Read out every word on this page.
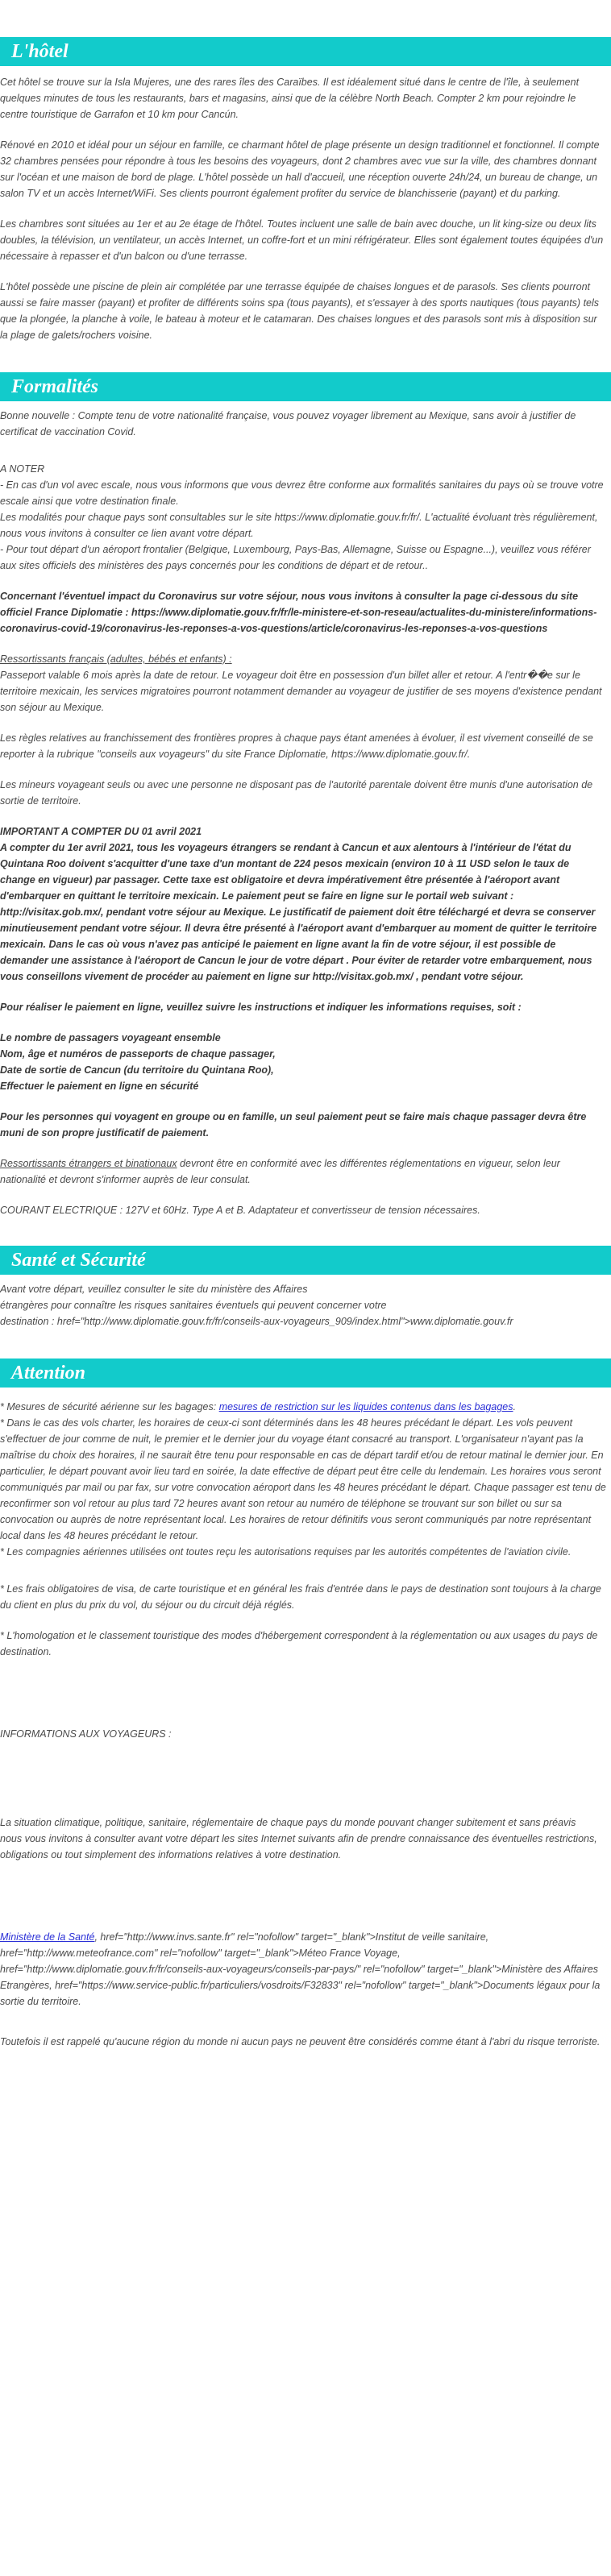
L'hôtel

Cet hôtel se trouve sur la Isla Mujeres, une des rares îles des Caraïbes. Il est idéalement situé dans le centre de l'île, à seulement quelques minutes de tous les restaurants, bars et magasins, ainsi que de la célèbre North Beach. Compter 2 km pour rejoindre le centre touristique de Garrafon et 10 km pour Cancún.

Rénové en 2010 et idéal pour un séjour en famille, ce charmant hôtel de plage présente un design traditionnel et fonctionnel. Il compte 32 chambres pensées pour répondre à tous les besoins des voyageurs, dont 2 chambres avec vue sur la ville, des chambres donnant sur l'océan et une maison de bord de plage. L'hôtel possède un hall d'accueil, une réception ouverte 24h/24, un bureau de change, un salon TV et un accès Internet/WiFi. Ses clients pourront également profiter du service de blanchisserie (payant) et du parking.

Les chambres sont situées au 1er et au 2e étage de l'hôtel. Toutes incluent une salle de bain avec douche, un lit king-size ou deux lits doubles, la télévision, un ventilateur, un accès Internet, un coffre-fort et un mini réfrigérateur. Elles sont également toutes équipées d'un nécessaire à repasser et d'un balcon ou d'une terrasse.

L'hôtel possède une piscine de plein air complétée par une terrasse équipée de chaises longues et de parasols. Ses clients pourront aussi se faire masser (payant) et profiter de différents soins spa (tous payants), et s'essayer à des sports nautiques (tous payants) tels que la plongée, la planche à voile, le bateau à moteur et le catamaran. Des chaises longues et des parasols sont mis à disposition sur la plage de galets/rochers voisine.

Formalités

Bonne nouvelle : Compte tenu de votre nationalité française, vous pouvez voyager librement au Mexique, sans avoir à justifier de certificat de vaccination Covid.

A NOTER

- En cas d'un vol avec escale, nous vous informons que vous devrez être conforme aux formalités sanitaires du pays où se trouve votre escale ainsi que votre destination finale.

Les modalités pour chaque pays sont consultables sur le site https://www.diplomatie.gouv.fr/fr/. L'actualité évoluant très régulièrement, nous vous invitons à consulter ce lien avant votre départ.

- Pour tout départ d'un aéroport frontalier (Belgique, Luxembourg, Pays-Bas, Allemagne, Suisse ou Espagne...), veuillez vous référer aux sites officiels des ministères des pays concernés pour les conditions de départ et de retour..

Concernant l'éventuel impact du Coronavirus sur votre séjour, nous vous invitons à consulter la page ci-dessous du site officiel France Diplomatie : https://www.diplomatie.gouv.fr/fr/le-ministere-et-son-reseau/actualites-du-ministere/informations-coronavirus-covid-19/coronavirus-les-reponses-a-vos-questions/article/coronavirus-les-reponses-a-vos-questions

Ressortissants français (adultes, bébés et enfants) :

Passeport valable 6 mois après la date de retour. Le voyageur doit être en possession d'un billet aller et retour. A l'entr��e sur le territoire mexicain, les services migratoires pourront notamment demander au voyageur de justifier de ses moyens d'existence pendant son séjour au Mexique.

Les règles relatives au franchissement des frontières propres à chaque pays étant amenées à évoluer, il est vivement conseillé de se reporter à la rubrique "conseils aux voyageurs" du site France Diplomatie, https://www.diplomatie.gouv.fr/.

Les mineurs voyageant seuls ou avec une personne ne disposant pas de l'autorité parentale doivent être munis d'une autorisation de sortie de territoire.

IMPORTANT A COMPTER DU 01 avril 2021

A compter du 1er avril 2021, tous les voyageurs étrangers se rendant à Cancun et aux alentours à l'intérieur de l'état du Quintana Roo doivent s'acquitter d'une taxe d'un montant de 224 pesos mexicain (environ 10 à 11 USD selon le taux de change en vigueur) par passager. Cette taxe est obligatoire et devra impérativement être présentée à l'aéroport avant d'embarquer en quittant le territoire mexicain. Le paiement peut se faire en ligne sur le portail web suivant : http://visitax.gob.mx/, pendant votre séjour au Mexique. Le justificatif de paiement doit être téléchargé et devra se conserver minutieusement pendant votre séjour. Il devra être présenté à l'aéroport avant d'embarquer au moment de quitter le territoire mexicain. Dans le cas où vous n'avez pas anticipé le paiement en ligne avant la fin de votre séjour, il est possible de demander une assistance à l'aéroport de Cancun le jour de votre départ . Pour éviter de retarder votre embarquement, nous vous conseillons vivement de procéder au paiement en ligne sur http://visitax.gob.mx/ , pendant votre séjour.

Pour réaliser le paiement en ligne, veuillez suivre les instructions et indiquer les informations requises, soit :

Le nombre de passagers voyageant ensemble
Nom, âge et numéros de passeports de chaque passager,
Date de sortie de Cancun (du territoire du Quintana Roo),
Effectuer le paiement en ligne en sécurité

Pour les personnes qui voyagent en groupe ou en famille, un seul paiement peut se faire mais chaque passager devra être muni de son propre justificatif de paiement.

Ressortissants étrangers et binationaux devront être en conformité avec les différentes réglementations en vigueur, selon leur nationalité et devront s'informer auprès de leur consulat.

COURANT ELECTRIQUE : 127V et 60Hz. Type A et B. Adaptateur et convertisseur de tension nécessaires.

Santé et Sécurité
Avant votre départ, veuillez consulter le site du ministère des Affaires
étrangères pour connaître les risques sanitaires éventuels qui peuvent concerner votre
destination : href="http://www.diplomatie.gouv.fr/fr/conseils-aux-voyageurs_909/index.html">www.diplomatie.gouv.fr
Attention
* Mesures de sécurité aérienne sur les bagages: mesures de restriction sur les liquides contenus dans les bagages.
* Dans le cas des vols charter, les horaires de ceux-ci sont déterminés dans les 48 heures précédant le départ. Les vols peuvent s'effectuer de jour comme de nuit, le premier et le dernier jour du voyage étant consacré au transport. L'organisateur n'ayant pas la maîtrise du choix des horaires, il ne saurait être tenu pour responsable en cas de départ tardif et/ou de retour matinal le dernier jour. En particulier, le départ pouvant avoir lieu tard en soirée, la date effective de départ peut être celle du lendemain. Les horaires vous seront communiqués par mail ou par fax, sur votre convocation aéroport dans les 48 heures précédant le départ. Chaque passager est tenu de reconfirmer son vol retour au plus tard 72 heures avant son retour au numéro de téléphone se trouvant sur son billet ou sur sa convocation ou auprès de notre représentant local. Les horaires de retour définitifs vous seront communiqués par notre représentant local dans les 48 heures précédant le retour.

* Les compagnies aériennes utilisées ont toutes reçu les autorisations requises par les autorités compétentes de l'aviation civile.

* Les frais obligatoires de visa, de carte touristique et en général les frais d'entrée dans le pays de destination sont toujours à la charge du client en plus du prix du vol, du séjour ou du circuit déjà réglés.

* L'homologation et le classement touristique des modes d'hébergement correspondent à la réglementation ou aux usages du pays de destination.

INFORMATIONS AUX VOYAGEURS :

La situation climatique, politique, sanitaire, réglementaire de chaque pays du monde pouvant changer subitement et sans préavis

nous vous invitons à consulter avant votre départ les sites Internet suivants afin de prendre connaissance des éventuelles restrictions, obligations ou tout simplement des informations relatives à votre destination.

Ministère de la Santé, href="http://www.invs.sante.fr" rel="nofollow" target="_blank">Institut de veille sanitaire, href="http://www.meteofrance.com" rel="nofollow" target="_blank">Méteo France Voyage, href="http://www.diplomatie.gouv.fr/fr/conseils-aux-voyageurs/conseils-par-pays/" rel="nofollow" target="_blank">Ministère des Affaires Etrangères, href="https://www.service-public.fr/particuliers/vosdroits/F32833" rel="nofollow" target="_blank">Documents légaux pour la sortie du territoire.

Toutefois il est rappelé qu'aucune région du monde ni aucun pays ne peuvent être considérés comme étant à l'abri du risque terroriste.
